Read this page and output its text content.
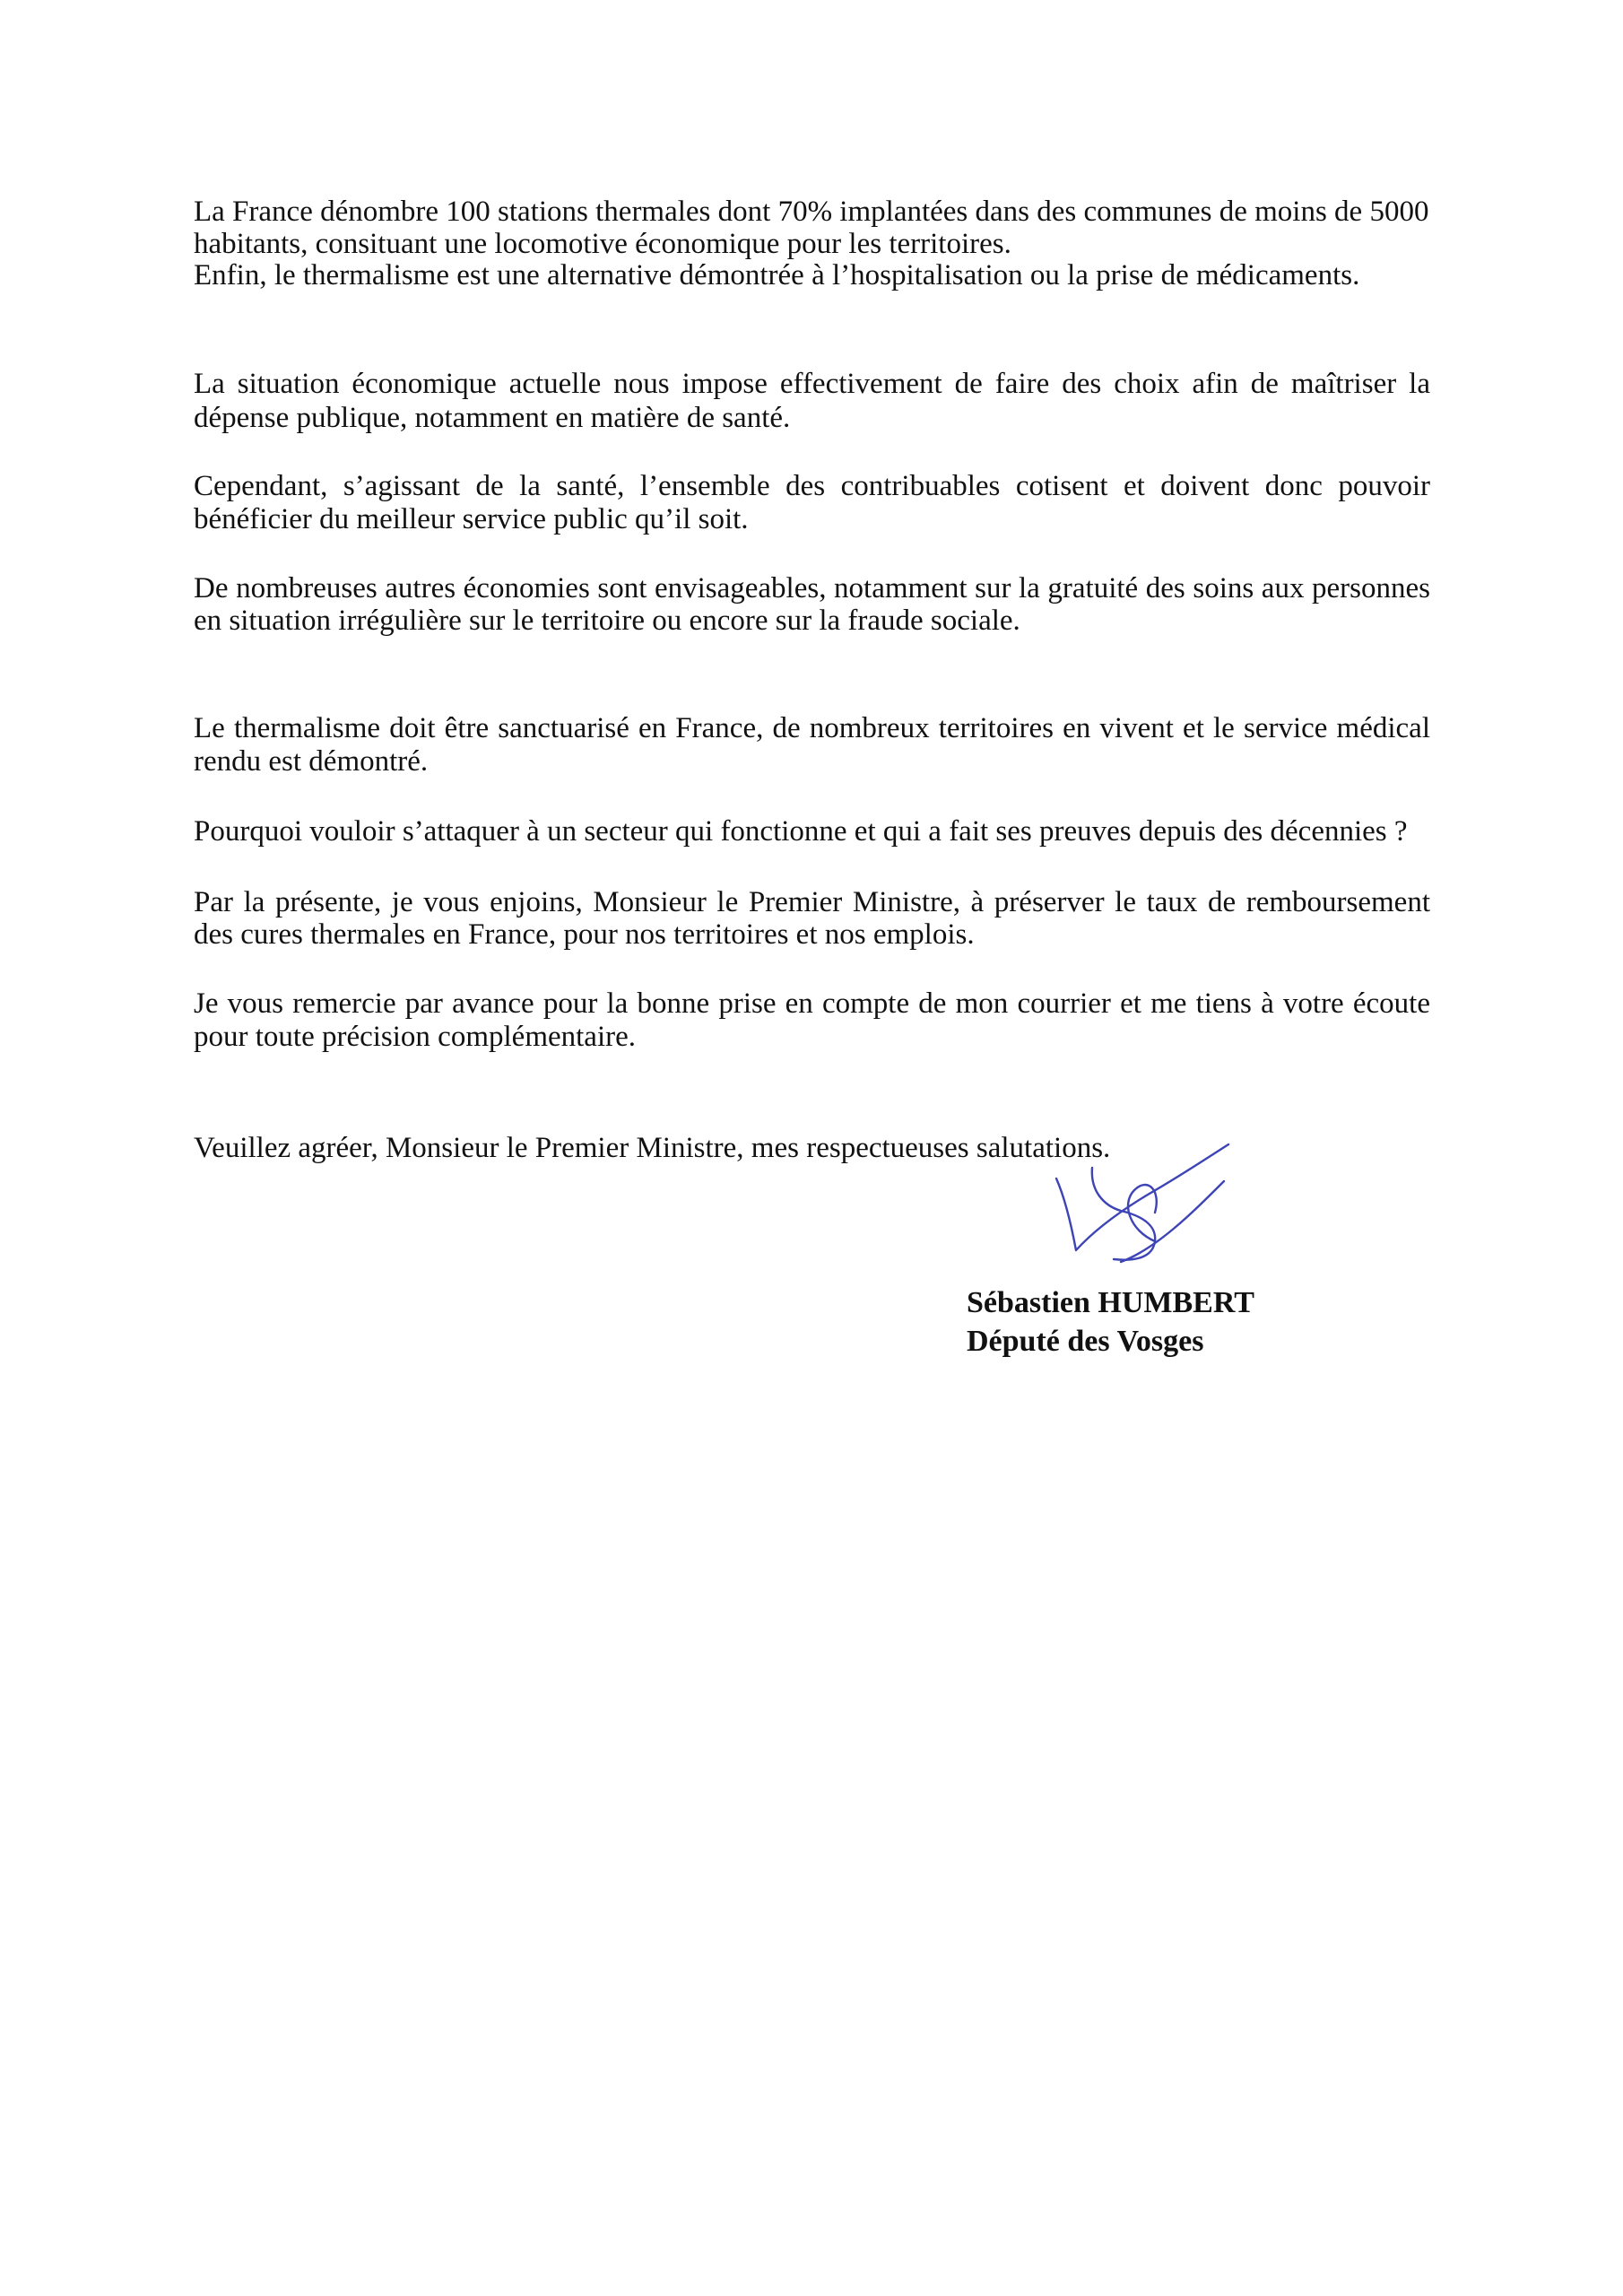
La France dénombre 100 stations thermales dont 70% implantées dans des communes de moins de 5000
habitants, consituant une locomotive économique pour les territoires.
Enfin, le thermalisme est une alternative démontrée à l’hospitalisation ou la prise de médicaments.
La situation économique actuelle nous impose effectivement de faire des choix afin de maîtriser la
dépense publique, notamment en matière de santé.
Cependant, s’agissant de la santé, l’ensemble des contribuables cotisent et doivent donc pouvoir
bénéficier du meilleur service public qu’il soit.
De nombreuses autres économies sont envisageables, notamment sur la gratuité des soins aux personnes
en situation irrégulière sur le territoire ou encore sur la fraude sociale.
Le thermalisme doit être sanctuarisé en France, de nombreux territoires en vivent et le service médical
rendu est démontré.
Pourquoi vouloir s’attaquer à un secteur qui fonctionne et qui a fait ses preuves depuis des décennies ?
Par la présente, je vous enjoins, Monsieur le Premier Ministre, à préserver le taux de remboursement
des cures thermales en France, pour nos territoires et nos emplois.
Je vous remercie par avance pour la bonne prise en compte de mon courrier et me tiens à votre écoute
pour toute précision complémentaire.
Veuillez agréer, Monsieur le Premier Ministre, mes respectueuses salutations.
Sébastien HUMBERT
Député des Vosges
